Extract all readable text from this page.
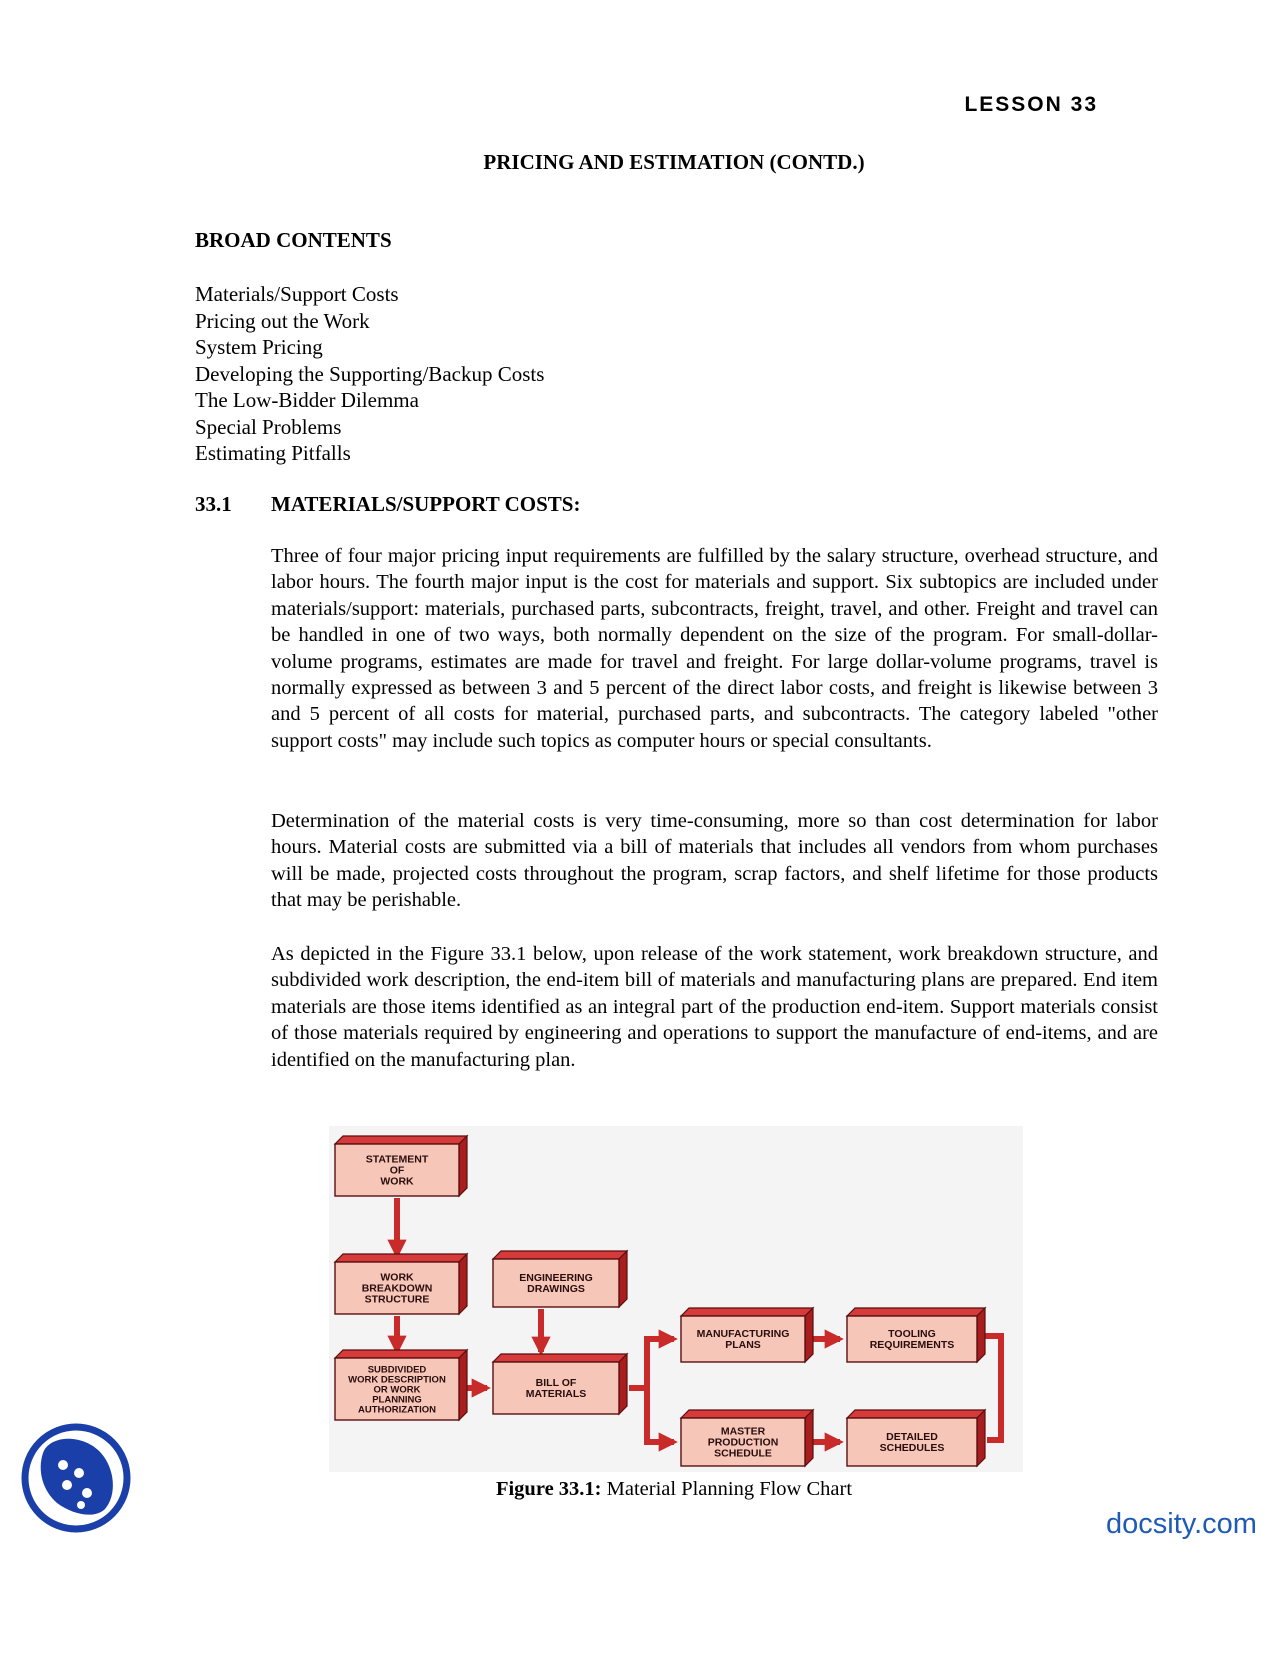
LESSON 33
PRICING AND ESTIMATION (CONTD.)
BROAD CONTENTS
Materials/Support Costs
Pricing out the Work
System Pricing
Developing the Supporting/Backup Costs
The Low-Bidder Dilemma
Special Problems
Estimating Pitfalls
33.1 MATERIALS/SUPPORT COSTS:

Three of four major pricing input requirements are fulfilled by the salary structure, overhead structure, and labor hours. The fourth major input is the cost for materials and support. Six subtopics are included under materials/support: materials, purchased parts, subcontracts, freight, travel, and other. Freight and travel can be handled in one of two ways, both normally dependent on the size of the program. For small-dollar-volume programs, estimates are made for travel and freight. For large dollar-volume programs, travel is normally expressed as between 3 and 5 percent of the direct labor costs, and freight is likewise between 3 and 5 percent of all costs for material, purchased parts, and subcontracts. The category labeled "other support costs" may include such topics as computer hours or special consultants.

Determination of the material costs is very time-consuming, more so than cost determination for labor hours. Material costs are submitted via a bill of materials that includes all vendors from whom purchases will be made, projected costs throughout the program, scrap factors, and shelf lifetime for those products that may be perishable.

As depicted in the Figure 33.1 below, upon release of the work statement, work breakdown structure, and subdivided work description, the end-item bill of materials and manufacturing plans are prepared. End item materials are those items identified as an integral part of the production end-item. Support materials consist of those materials required by engineering and operations to support the manufacture of end-items, and are identified on the manufacturing plan.

STATEMENT
OF
WORK
WORK
BREAKDOWN
STRUCTURE
ENGINEERING
DRAWINGS
SUBDIVIDED
WORK DESCRIPTION
OR WORK
PLANNING
AUTHORIZATION
BILL OF
MATERIALS
MANUFACTURING
PLANS
TOOLING
REQUIREMENTS
MASTER
PRODUCTION
SCHEDULE
DETAILED
SCHEDULES
Figure 33.1: Material Planning Flow Chart
docsity.com
